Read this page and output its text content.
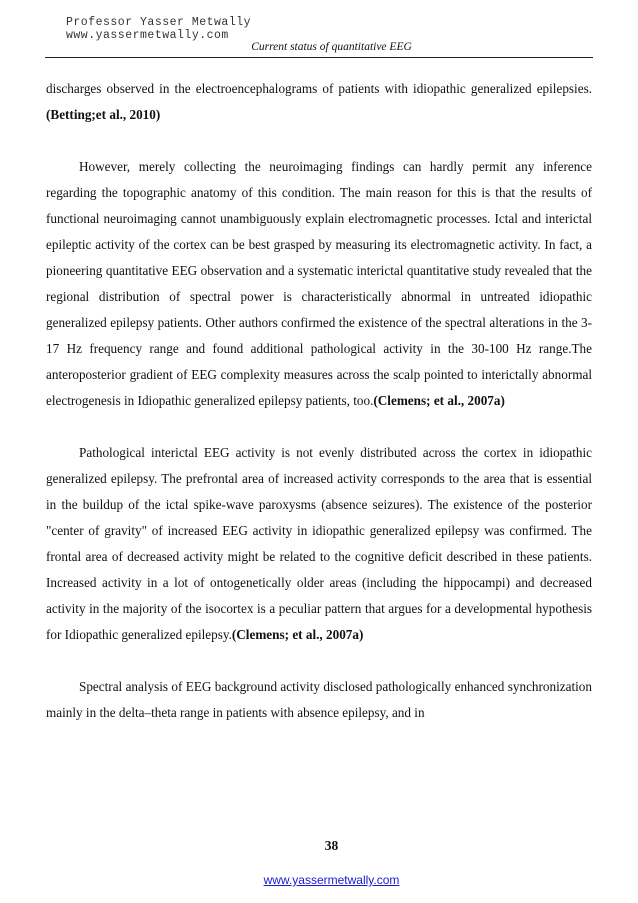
Professor Yasser Metwally
www.yassermetwally.com
Current status of quantitative EEG

discharges observed in the electroencephalograms of patients with idiopathic generalized epilepsies.(Betting;et al., 2010)

However, merely collecting the neuroimaging findings can hardly permit any inference regarding the topographic anatomy of this condition. The main reason for this is that the results of functional neuroimaging cannot unambiguously explain electromagnetic processes. Ictal and interictal epileptic activity of the cortex can be best grasped by measuring its electromagnetic activity. In fact, a pioneering quantitative EEG observation and a systematic interictal quantitative study revealed that the regional distribution of spectral power is characteristically abnormal in untreated idiopathic generalized epilepsy patients. Other authors confirmed the existence of the spectral alterations in the 3-17 Hz frequency range and found additional pathological activity in the 30-100 Hz range.The anteroposterior gradient of EEG complexity measures across the scalp pointed to interictally abnormal electrogenesis in Idiopathic generalized epilepsy patients, too.(Clemens; et al., 2007a)

Pathological interictal EEG activity is not evenly distributed across the cortex in idiopathic generalized epilepsy. The prefrontal area of increased activity corresponds to the area that is essential in the buildup of the ictal spike-wave paroxysms (absence seizures). The existence of the posterior "center of gravity" of increased EEG activity in idiopathic generalized epilepsy was confirmed. The frontal area of decreased activity might be related to the cognitive deficit described in these patients. Increased activity in a lot of ontogenetically older areas (including the hippocampi) and decreased activity in the majority of the isocortex is a peculiar pattern that argues for a developmental hypothesis for Idiopathic generalized epilepsy.(Clemens; et al., 2007a)

Spectral analysis of EEG background activity disclosed pathologically enhanced synchronization mainly in the delta–theta range in patients with absence epilepsy, and in

38
www.yassermetwally.com
